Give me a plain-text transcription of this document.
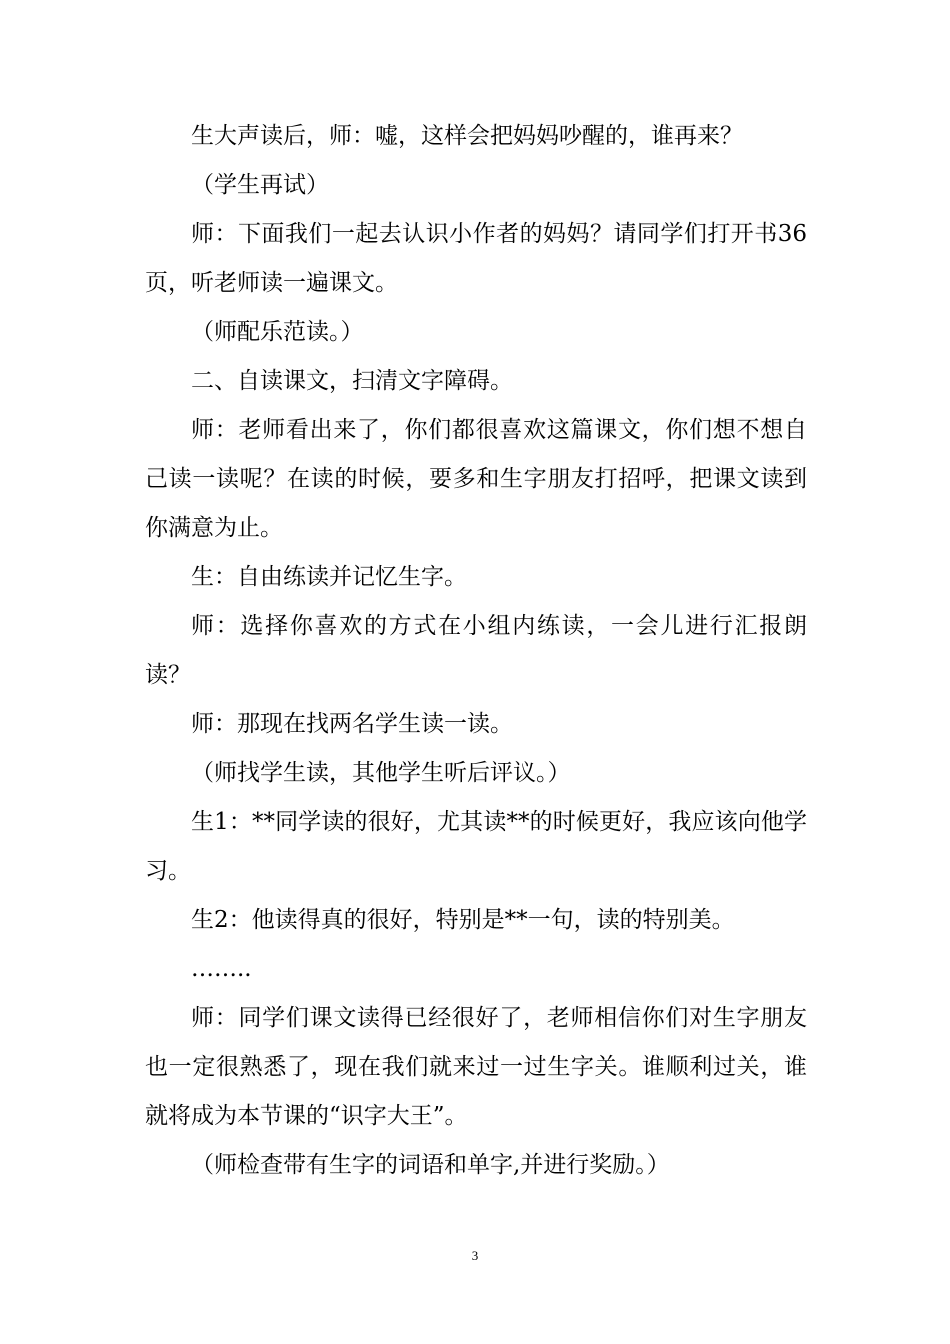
生大声读后，师：嘘，这样会把妈妈吵醒的，谁再来？

（学生再试）

师：下面我们一起去认识小作者的妈妈？请同学们打开书36页，听老师读一遍课文。

（师配乐范读。）

二、自读课文，扫清文字障碍。

师：老师看出来了，你们都很喜欢这篇课文，你们想不想自己读一读呢？在读的时候，要多和生字朋友打招呼，把课文读到你满意为止。

生：自由练读并记忆生字。

师：选择你喜欢的方式在小组内练读，一会儿进行汇报朗读？

师：那现在找两名学生读一读。

（师找学生读，其他学生听后评议。）

生1：**同学读的很好，尤其读**的时候更好，我应该向他学习。

生2：他读得真的很好，特别是**一句，读的特别美。

……..

师：同学们课文读得已经很好了，老师相信你们对生字朋友也一定很熟悉了，现在我们就来过一过生字关。谁顺利过关，谁就将成为本节课的“识字大王”。

（师检查带有生字的词语和单字,并进行奖励。）

3
